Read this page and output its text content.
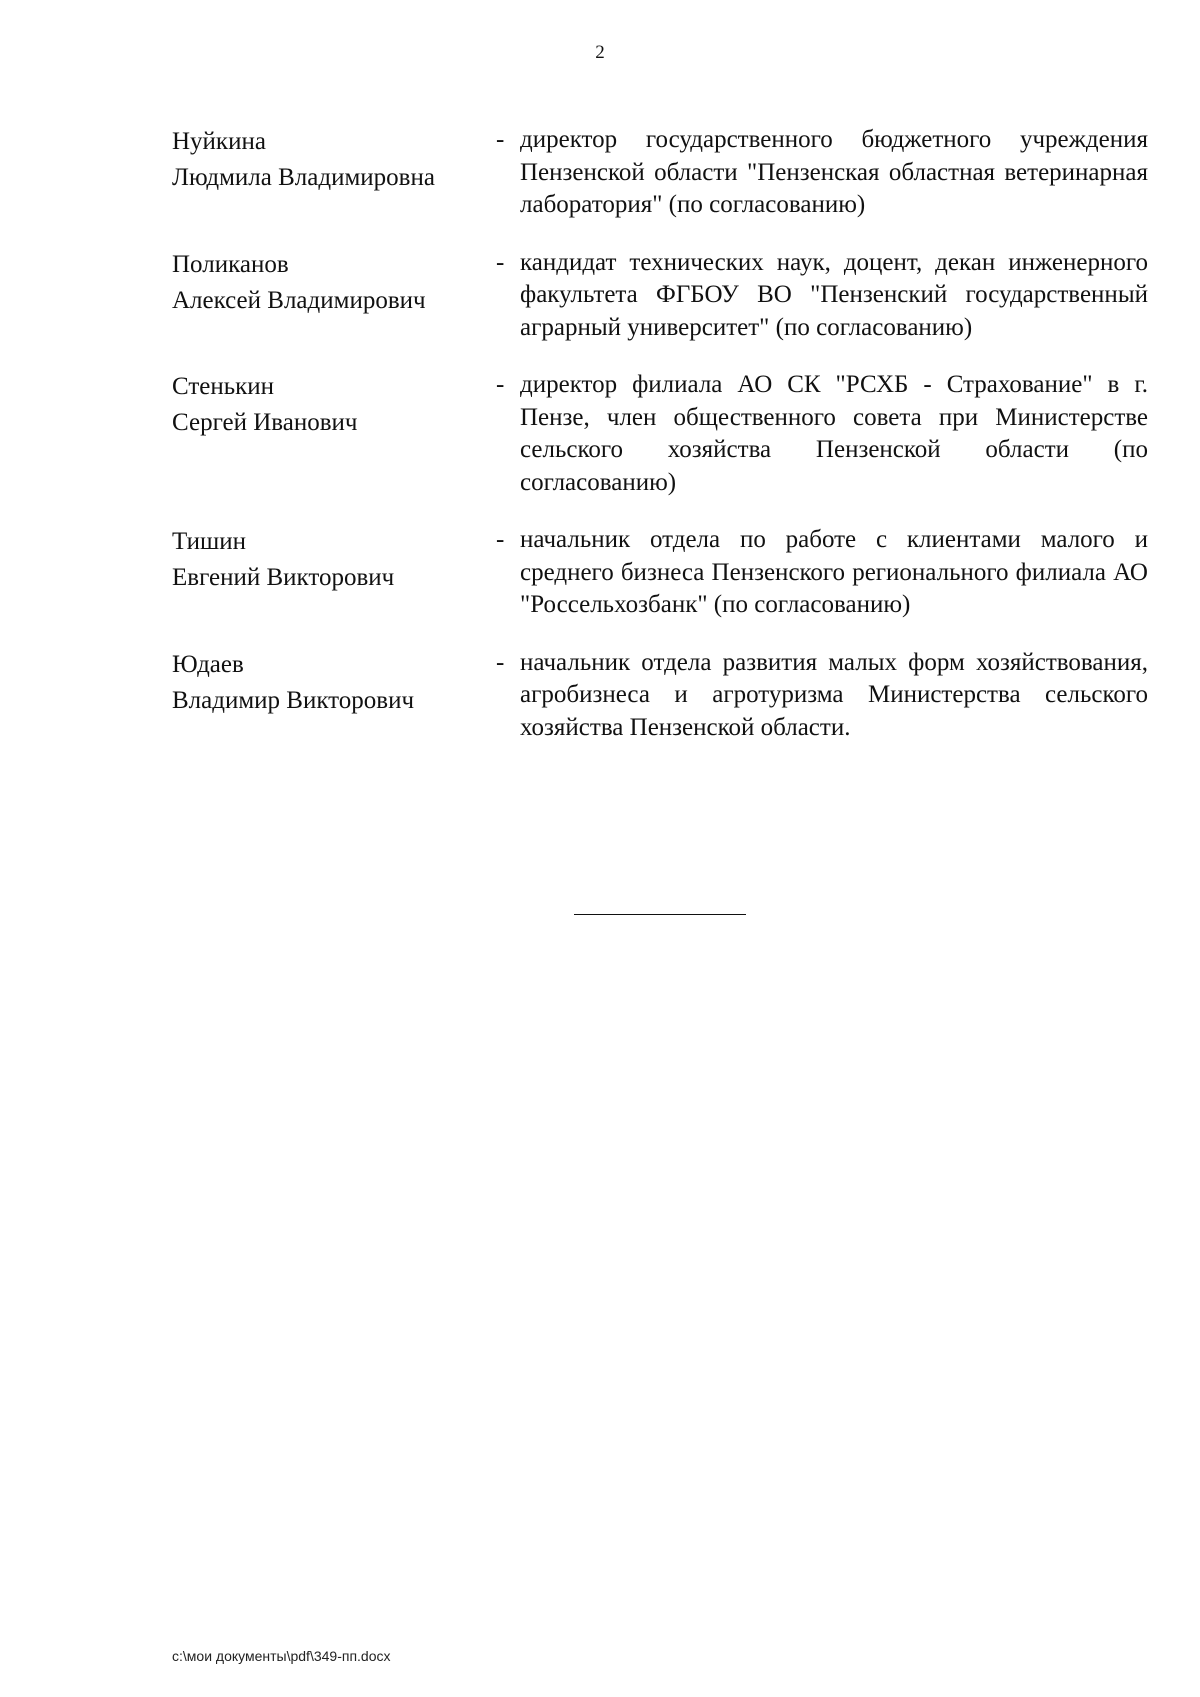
2
Нуйкина
Людмила Владимировна
- директор государственного бюджетного учреждения Пензенской области "Пензенская областная ветеринарная лаборатория" (по согласованию)
Поликанов
Алексей Владимирович
- кандидат технических наук, доцент, декан инженерного факультета ФГБОУ ВО "Пензенский государственный аграрный университет" (по согласованию)
Стенькин
Сергей Иванович
- директор филиала АО СК "РСХБ - Страхование" в г. Пензе, член общественного совета при Министерстве сельского хозяйства Пензенской области (по согласованию)
Тишин
Евгений Викторович
- начальник отдела по работе с клиентами малого и среднего бизнеса Пензенского регионального филиала АО "Россельхозбанк" (по согласованию)
Юдаев
Владимир Викторович
- начальник отдела развития малых форм хозяйствования, агробизнеса и агротуризма Министерства сельского хозяйства Пензенской области.
c:\мои документы\pdf\349-пп.docx
